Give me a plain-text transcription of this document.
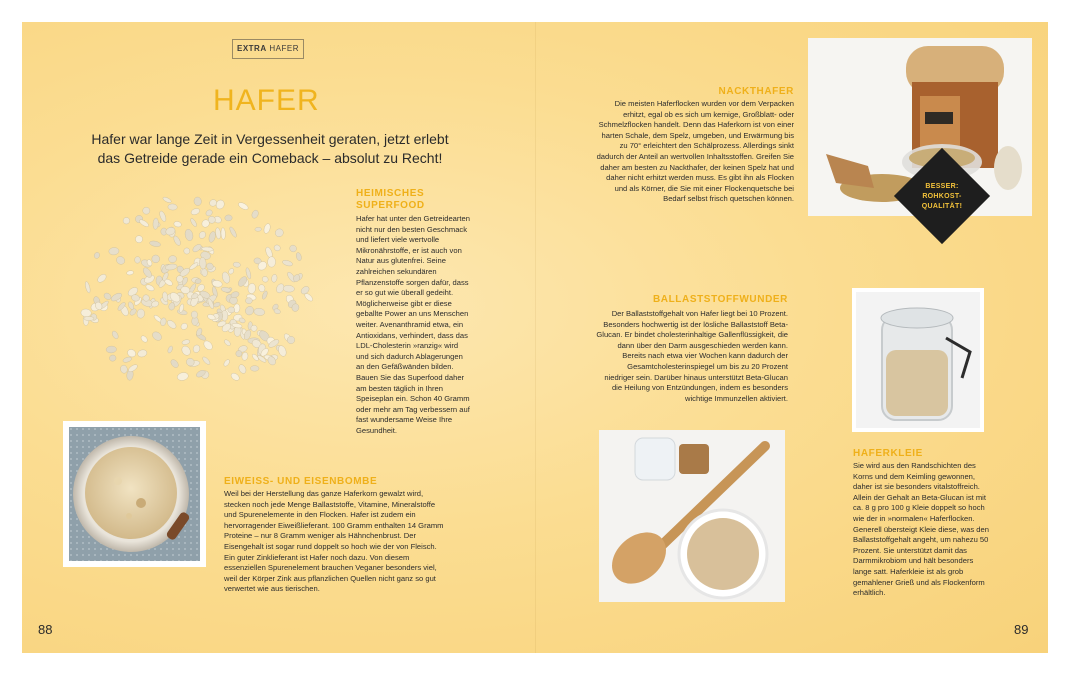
EXTRA HAFER
HAFER
Hafer war lange Zeit in Vergessenheit geraten, jetzt erlebt das Getreide gerade ein Comeback – absolut zu Recht!
HEIMISCHES SUPERFOOD
Hafer hat unter den Getreidearten nicht nur den besten Geschmack und liefert viele wertvolle Mikronährstoffe, er ist auch von Natur aus glutenfrei. Seine zahlreichen sekundären Pflanzenstoffe sorgen dafür, dass er so gut wie überall gedeiht. Möglicherweise gibt er diese geballte Power an uns Menschen weiter. Avenanthramid etwa, ein Antioxidans, verhindert, dass das LDL-Cholesterin »ranzig« wird und sich dadurch Ablagerungen an den Gefäßwänden bilden. Bauen Sie das Superfood daher am besten täglich in Ihren Speiseplan ein. Schon 40 Gramm oder mehr am Tag verbessern auf fast wundersame Weise Ihre Gesundheit.
EIWEISS- UND EISENBOMBE
Weil bei der Herstellung das ganze Haferkorn gewalzt wird, stecken noch jede Menge Ballaststoffe, Vitamine, Mineralstoffe und Spurenelemente in den Flocken. Hafer ist zudem ein hervorragender Eiweißlieferant. 100 Gramm enthalten 14 Gramm Proteine – nur 8 Gramm weniger als Hähnchenbrust. Der Eisengehalt ist sogar rund doppelt so hoch wie der von Fleisch. Ein guter Zinklieferant ist Hafer noch dazu. Von diesem essenziellen Spurenelement brauchen Veganer besonders viel, weil der Körper Zink aus pflanzlichen Quellen nicht ganz so gut verwertet wie aus tierischen.
88	89
NACKTHAFER
Die meisten Haferflocken wurden vor dem Verpacken erhitzt, egal ob es sich um kernige, Großblatt- oder Schmelzflocken handelt. Denn das Haferkorn ist von einer harten Schale, dem Spelz, umgeben, und Erwärmung bis zu 70° erleichtert den Schälprozess. Allerdings sinkt dadurch der Anteil an wertvollen Inhaltsstoffen. Greifen Sie daher am besten zu Nackthafer, der keinen Spelz hat und daher nicht erhitzt werden muss. Es gibt ihn als Flocken und als Körner, die Sie mit einer Flockenquetsche bei Bedarf selbst frisch quetschen können.
BESSER:
ROHKOST-
QUALITÄT!
BALLASTSTOFFWUNDER
Der Ballaststoffgehalt von Hafer liegt bei 10 Prozent. Besonders hochwertig ist der lösliche Ballaststoff Beta-Glucan. Er bindet cholesterinhaltige Gallenflüssigkeit, die dann über den Darm ausgeschieden werden kann. Bereits nach etwa vier Wochen kann dadurch der Gesamtcholesterinspiegel um bis zu 20 Prozent niedriger sein. Darüber hinaus unterstützt Beta-Glucan die Heilung von Entzündungen, indem es besonders wichtige Immunzellen aktiviert.
HAFERKLEIE
Sie wird aus den Randschichten des Korns und dem Keimling gewonnen, daher ist sie besonders vitalstoffreich. Allein der Gehalt an Beta-Glucan ist mit ca. 8 g pro 100 g Kleie doppelt so hoch wie der in »normalen« Haferflocken. Generell übersteigt Kleie diese, was den Ballaststoffgehalt angeht, um nahezu 50 Prozent. Sie unterstützt damit das Darmmikrobiom und hält besonders lange satt. Haferkleie ist als grob gemahlener Grieß und als Flockenform erhältlich.
